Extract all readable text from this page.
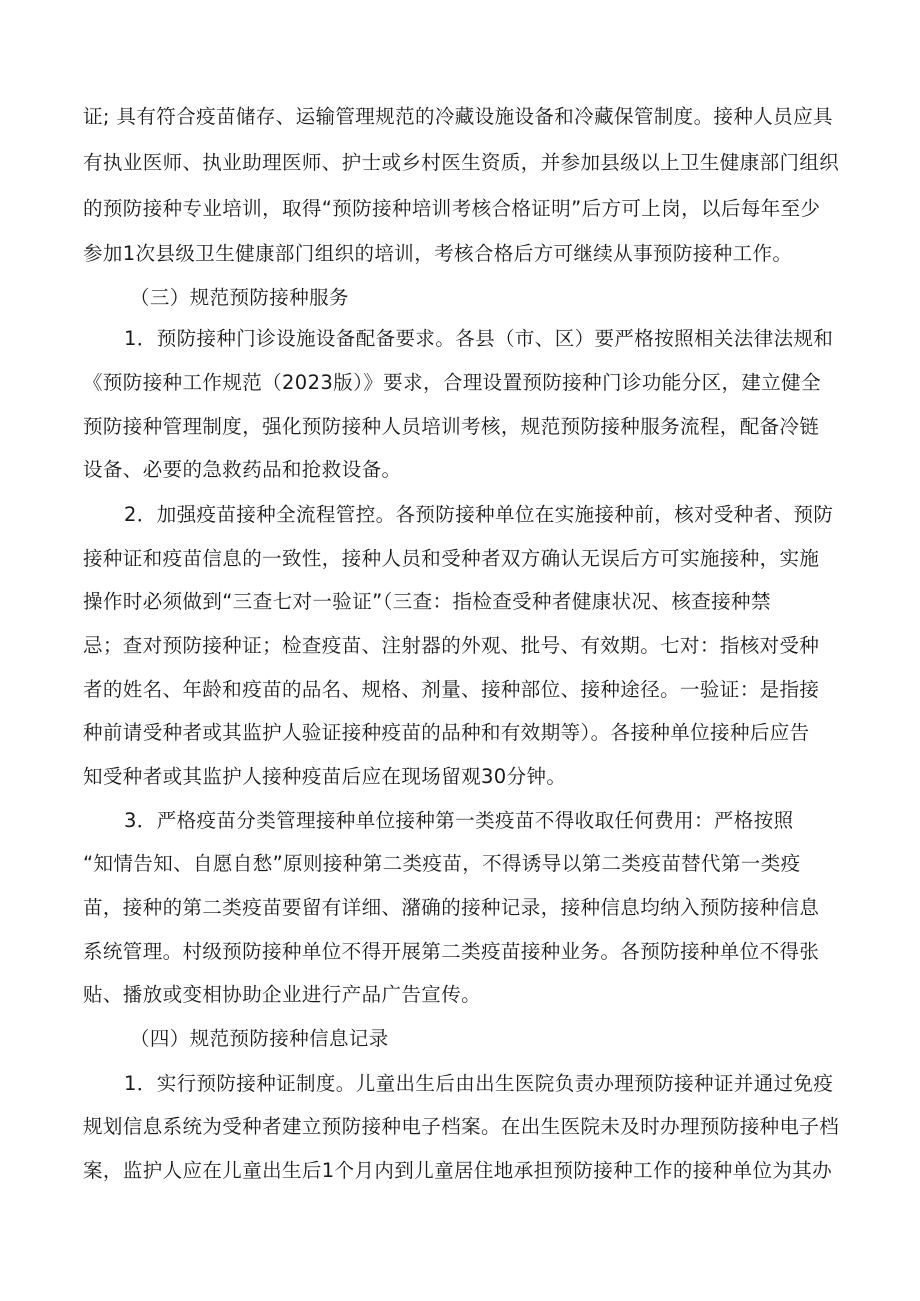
证; 具有符合疫苗储存、运输管理规范的冷藏设施设备和冷藏保管制度。接种人员应具
有执业医师、执业助理医师、护士或乡村医生资质，并参加县级以上卫生健康部门组织
的预防接种专业培训，取得“预防接种培训考核合格证明”后方可上岗，以后每年至少
参加1次县级卫生健康部门组织的培训，考核合格后方可继续从事预防接种工作。
（三）规范预防接种服务
1．预防接种门诊设施设备配备要求。各县（市、区）要严格按照相关法律法规和
《预防接种工作规范（2023版）》要求，合理设置预防接种门诊功能分区，建立健全
预防接种管理制度，强化预防接种人员培训考核，规范预防接种服务流程，配备冷链
设备、必要的急救药品和抢救设备。
2．加强疫苗接种全流程管控。各预防接种单位在实施接种前，核对受种者、预防
接种证和疫苗信息的一致性，接种人员和受种者双方确认无误后方可实施接种，实施
操作时必须做到“三查七对一验证”（三查：指检查受种者健康状况、核查接种禁
忌；查对预防接种证；检查疫苗、注射器的外观、批号、有效期。七对：指核对受种
者的姓名、年龄和疫苗的品名、规格、剂量、接种部位、接种途径。一验证：是指接
种前请受种者或其监护人验证接种疫苗的品种和有效期等）。各接种单位接种后应告
知受种者或其监护人接种疫苗后应在现场留观30分钟。
3．严格疫苗分类管理接种单位接种第一类疫苗不得收取任何费用：严格按照
“知情告知、自愿自愁”原则接种第二类疫苗，不得诱导以第二类疫苗替代第一类疫
苗，接种的第二类疫苗要留有详细、潴确的接种记录，接种信息均纳入预防接种信息
系统管理。村级预防接种单位不得开展第二类疫苗接种业务。各预防接种单位不得张
贴、播放或变相协助企业进行产品广告宣传。
（四）规范预防接种信息记录
1．实行预防接种证制度。儿童出生后由出生医院负责办理预防接种证并通过免疫
规划信息系统为受种者建立预防接种电子档案。在出生医院未及时办理预防接种电子档
案，监护人应在儿童出生后1个月内到儿童居住地承担预防接种工作的接种单位为其办
